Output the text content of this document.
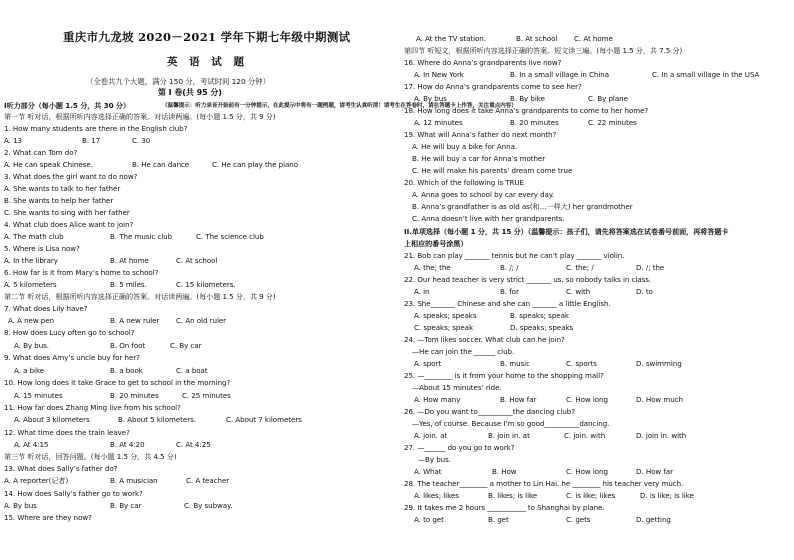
重庆市九龙坡 2020－2021 学年下期七年级中期测试
英 语 试 题
（全卷共九个大题，满分 150 分，考试时间 120 分钟）
第 I 卷(共 95 分)
I听力部分（每小题 1.5 分，共 30 分）	（温馨提示：听力录音开始前有一分钟提示，在此提示中将有一题例题，请考生认真听清！请考生在答卷时，请在答题卡上作答，关注重点内容）
第一节 听对话，根据所听内容选择正确的答案。对话读两遍。(每小题 1.5 分，共 9 分)
1. How many students are there in the English club?
A. 13	B. 17	C. 30
2. What can Tom do?
A. He can speak Chinese.	B. He can dance	C. He can play the piano
3. What does the girl want to do now?
A. She wants to talk to her father
B. She wants to help her father
C. She wants to sing with her father
4. What club does Alice want to join?
A. The math club	B. The music club	C. The science club
5. Where is Lisa now?
A. In the library	B. At home	C. At school
6. How far is it from Mary’s home to school?
A. 5 kilometers	B. 5 miles.	C. 15 kilometers.
第二节 听对话，根据所听内容选择正确的答案。对话读两遍。(每小题 1.5 分，共 9 分)
7. What does Lily have?
A. A new pen	B. A new ruler C. An old ruler
8. How does Lucy often go to school?
A. By bus.	B. On foot	C. By car
9. What does Amy’s uncle buy for her?
A. a bike	B. a book	C. a boat
10. How long does it take Grace to get to school in the morning?
A. 15 minutes	B. 20 minutes	C. 25 minutes
11. How far does Zhang Ming live from his school?
A. About 3 kilometers	B. About 5 kilometers.	C. About 7 kilometers
12. What time does the train leave?
A. At 4:15	B. At 4:20	C. At 4:25
第三节 听对话，回答问题。(每小题 1.5 分，共 4.5 分)
13. What does Sally’s father do?
A. A reporter(记者)	B. A musician	C. A teacher
14. How does Sally’s father go to work?
A. By bus	B. By car	C. By subway.
15. Where are they now?
A. At the TV station.	B. At school C. At home
第四节 听短文，根据所听内容选择正确的答案。短文读三遍。(每小题 1.5 分，共 7.5 分)
16. Where do Anna’s grandparents live now?
A. In New York	B. In a small village in China	C. In a small village in the USA
17. How do Anna’s grandparents come to see her?
A. By bus	B. By bike	C. By plane
18. How long does it take Anna’s grandparents to come to her home?
A. 12 minutes	B. 20 minutes	C. 22 minutes
19. What will Anna’s father do next month?
A. He will buy a bike for Anna.
B. He will buy a car for Anna’s mother
C. He will make his parents’ dream come true
20. Which of the following is TRUE
A. Anna goes to school by car every day.
B. Anna’s grandfather is as old as(和…一样大) her grandmother
C. Anna doesn’t live with her grandparents.
II.单项选择（每小题 1 分，共 15 分）（温馨提示：孩子们，请先将答案选在试卷番号前面，再将答题卡
上相应的番号涂黑）
21. Bob can play _______ tennis but he can’t play _______ violin.
A. the; the	B. /; /	C. the; /	D. /; the
22. Our head teacher is very strict _______ us. so nobody talks in class.
A. in	B. for	C. with	D. to
23. She_______ Chinese and she can _______ a little English.
A. speaks; speaks	B. speaks; speak
C. speaks; speak	D. speaks; speaks
24. —Tom likes soccer. What club can he join?
—He can join the ______ club.
A. sport	B. music	C. sports	D. swimming
25. —________ is it from your home to the shopping mall?
—About 15 minutes’ ride.
A. How many	B. How far	C. How long	D. How much
26. —Do you want to__________the dancing club?
—Yes, of course. Because I’m so good__________dancing.
A. join. at	B. join in. at	C. join. with	D. join in. with
27. —______ do you go to work?
—By bus.
A. What	B. How	C. How long	D. How far
28. The teacher________ a mother to Lin Hai. he ________ his teacher very much.
A. likes; likes	B. likes; is like	C. is like; likes	D. is like; is like
29. It takes me 2 hours ___________ to Shanghai by plane.
A. to get	B. get	C. gets	D. getting
